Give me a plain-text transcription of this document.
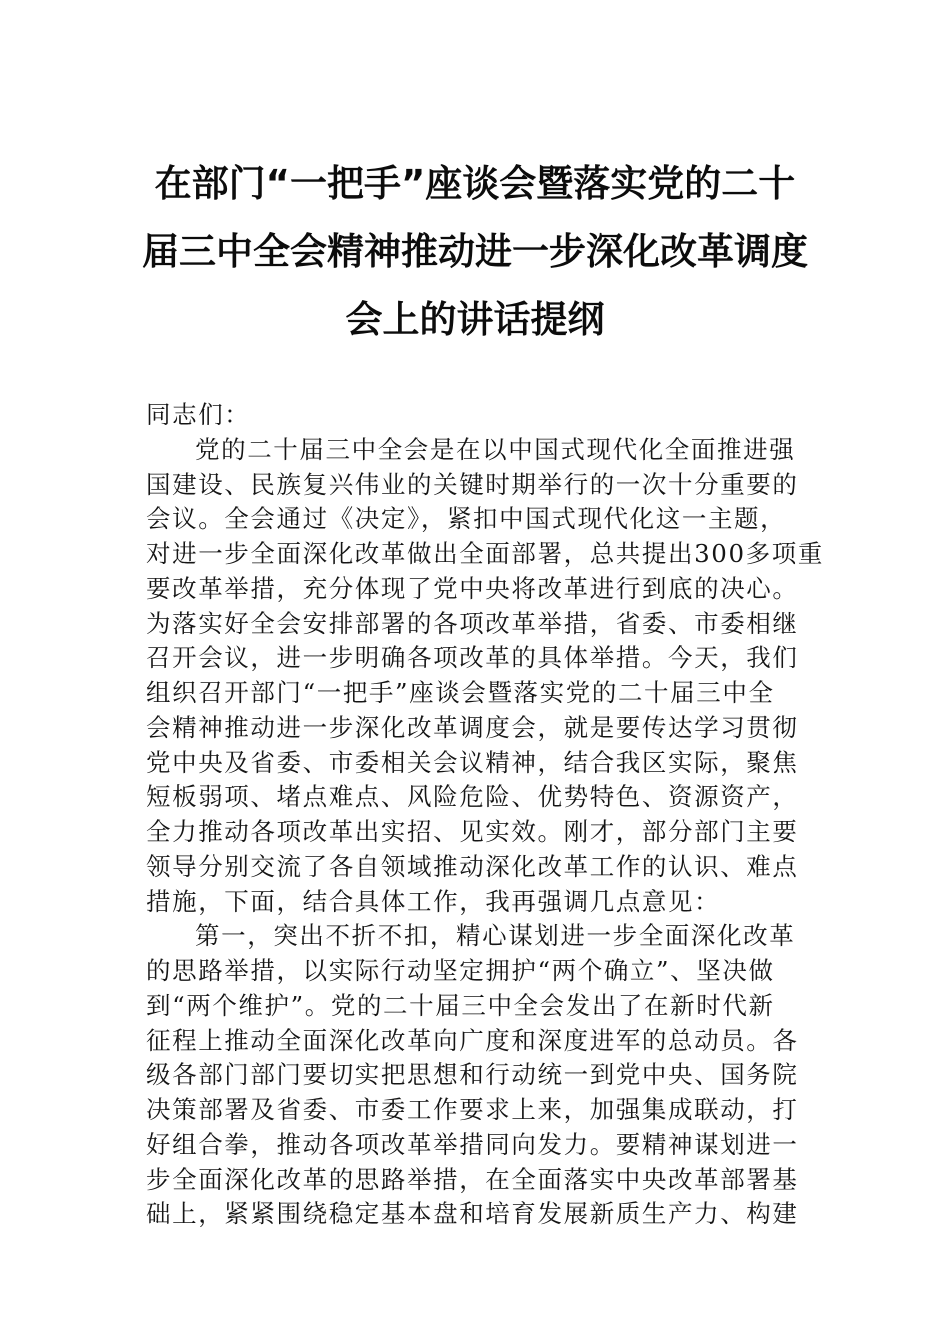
在部门“一把手”座谈会暨落实党的二十
届三中全会精神推动进一步深化改革调度
会上的讲话提纲
同志们：
党的二十届三中全会是在以中国式现代化全面推进强
国建设、民族复兴伟业的关键时期举行的一次十分重要的
会议。全会通过《决定》，紧扣中国式现代化这一主题，
对进一步全面深化改革做出全面部署，总共提出300多项重
要改革举措，充分体现了党中央将改革进行到底的决心。
为落实好全会安排部署的各项改革举措，省委、市委相继
召开会议，进一步明确各项改革的具体举措。今天，我们
组织召开部门“一把手”座谈会暨落实党的二十届三中全
会精神推动进一步深化改革调度会，就是要传达学习贯彻
党中央及省委、市委相关会议精神，结合我区实际，聚焦
短板弱项、堵点难点、风险危险、优势特色、资源资产，
全力推动各项改革出实招、见实效。刚才，部分部门主要
领导分别交流了各自领域推动深化改革工作的认识、难点
措施，下面，结合具体工作，我再强调几点意见：
第一，突出不折不扣，精心谋划进一步全面深化改革
的思路举措，以实际行动坚定拥护“两个确立”、坚决做
到“两个维护”。党的二十届三中全会发出了在新时代新
征程上推动全面深化改革向广度和深度进军的总动员。各
级各部门部门要切实把思想和行动统一到党中央、国务院
决策部署及省委、市委工作要求上来，加强集成联动，打
好组合拳，推动各项改革举措同向发力。要精神谋划进一
步全面深化改革的思路举措，在全面落实中央改革部署基
础上，紧紧围绕稳定基本盘和培育发展新质生产力、构建
